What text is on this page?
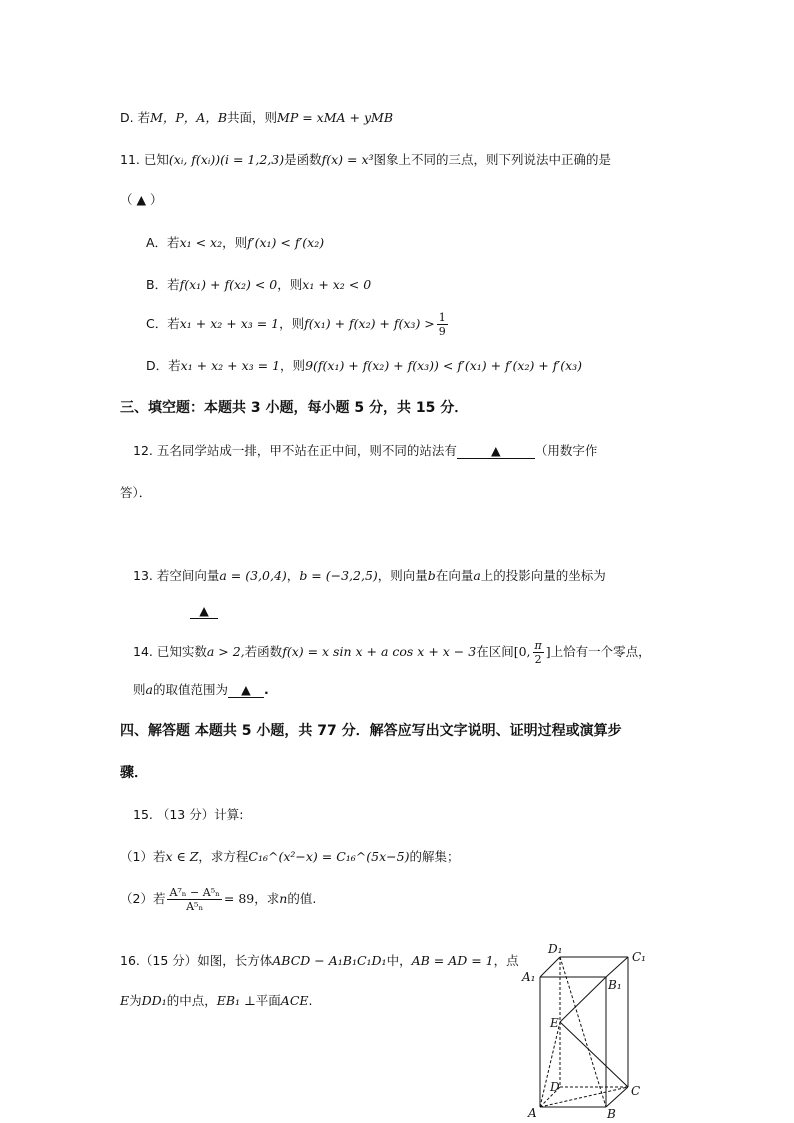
D. 若M，P，A，B共面，则MP = xMA + yMB
11. 已知(xᵢ, f(xᵢ))(i = 1,2,3)是函数f(x) = x³图象上不同的三点，则下列说法中正确的是
（ ▲ ）
A．若x₁ < x₂，则f′(x₁) < f′(x₂)
B．若f(x₁) + f(x₂) < 0，则x₁ + x₂ < 0
C．若x₁ + x₂ + x₃ = 1，则$f(x_1) + f(x_2) + f(x_3) > \frac{1}{9}$
D．若x₁ + x₂ + x₃ = 1，则9(f(x₁) + f(x₂) + f(x₃)) < f′(x₁) + f′(x₂) + f′(x₃)
三、填空题：本题共 3 小题，每小题 5 分，共 15 分．
12. 五名同学站成一排，甲不站在正中间，则不同的站法有	▲	（用数字作
答）．
13. 若空间向量a = (3,0,4)，b = (−3,2,5)，则向量b在向量a上的投影向量的坐标为
▲
14. 已知实数a > 2,若函数f(x) = x sin x + a cos x + x − 3在区间[0, $\frac{\pi}{2}$ ]上恰有一个零点，
则a的取值范围为 ▲ .
四、解答题 本题共 5 小题，共 77 分．解答应写出文字说明、证明过程或演算步
骤．
15. （13 分）计算:
（1）若x ∈ Z，求方程C₁₆^(x²−x) = C₁₆^(5x−5)的解集；
（2）若 $\frac{\text{A⁷ₙ − A⁵ₙ}}{\text{A⁵ₙ}} = 89$，求n的值.
16.（15 分）如图，长方体ABCD − A₁B₁C₁D₁中，AB = AD = 1，点
E为DD₁的中点，EB₁ ⊥平面ACE.
D₁
C₁
A₁
B₁
E
D	C
A	B
